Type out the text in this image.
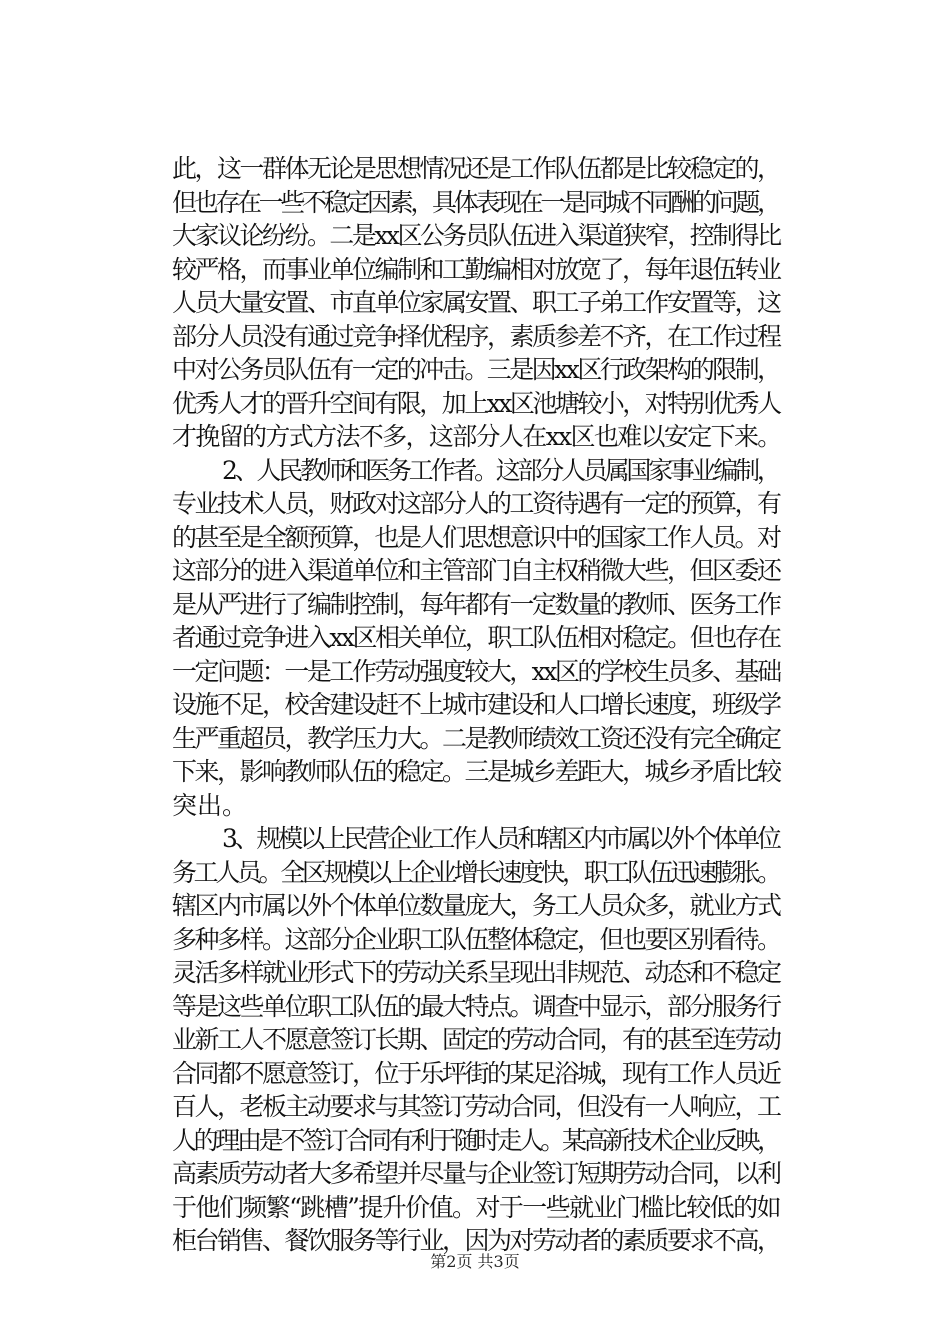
此，这一群体无论是思想情况还是工作队伍都是比较稳定的，
但也存在一些不稳定因素，具体表现在一是同城不同酬的问题，
大家议论纷纷。二是xx区公务员队伍进入渠道狭窄，控制得比
较严格，而事业单位编制和工勤编相对放宽了，每年退伍转业
人员大量安置、市直单位家属安置、职工子弟工作安置等，这
部分人员没有通过竞争择优程序，素质参差不齐，在工作过程
中对公务员队伍有一定的冲击。三是因xx区行政架构的限制，
优秀人才的晋升空间有限，加上xx区池塘较小，对特别优秀人
才挽留的方式方法不多，这部分人在xx区也难以安定下来。
2、人民教师和医务工作者。这部分人员属国家事业编制，
专业技术人员，财政对这部分人的工资待遇有一定的预算，有
的甚至是全额预算，也是人们思想意识中的国家工作人员。对
这部分的进入渠道单位和主管部门自主权稍微大些，但区委还
是从严进行了编制控制，每年都有一定数量的教师、医务工作
者通过竞争进入xx区相关单位，职工队伍相对稳定。但也存在
一定问题：一是工作劳动强度较大，xx区的学校生员多、基础
设施不足，校舍建设赶不上城市建设和人口增长速度，班级学
生严重超员，教学压力大。二是教师绩效工资还没有完全确定
下来，影响教师队伍的稳定。三是城乡差距大，城乡矛盾比较
突出。
3、规模以上民营企业工作人员和辖区内市属以外个体单位
务工人员。全区规模以上企业增长速度快，职工队伍迅速膨胀。
辖区内市属以外个体单位数量庞大，务工人员众多，就业方式
多种多样。这部分企业职工队伍整体稳定，但也要区别看待。
灵活多样就业形式下的劳动关系呈现出非规范、动态和不稳定
等是这些单位职工队伍的最大特点。调查中显示，部分服务行
业新工人不愿意签订长期、固定的劳动合同，有的甚至连劳动
合同都不愿意签订，位于乐坪街的某足浴城，现有工作人员近
百人，老板主动要求与其签订劳动合同，但没有一人响应，工
人的理由是不签订合同有利于随时走人。某高新技术企业反映，
高素质劳动者大多希望并尽量与企业签订短期劳动合同，以利
于他们频繁“跳槽”提升价值。对于一些就业门槛比较低的如
柜台销售、餐饮服务等行业，因为对劳动者的素质要求不高，
第2页 共3页
